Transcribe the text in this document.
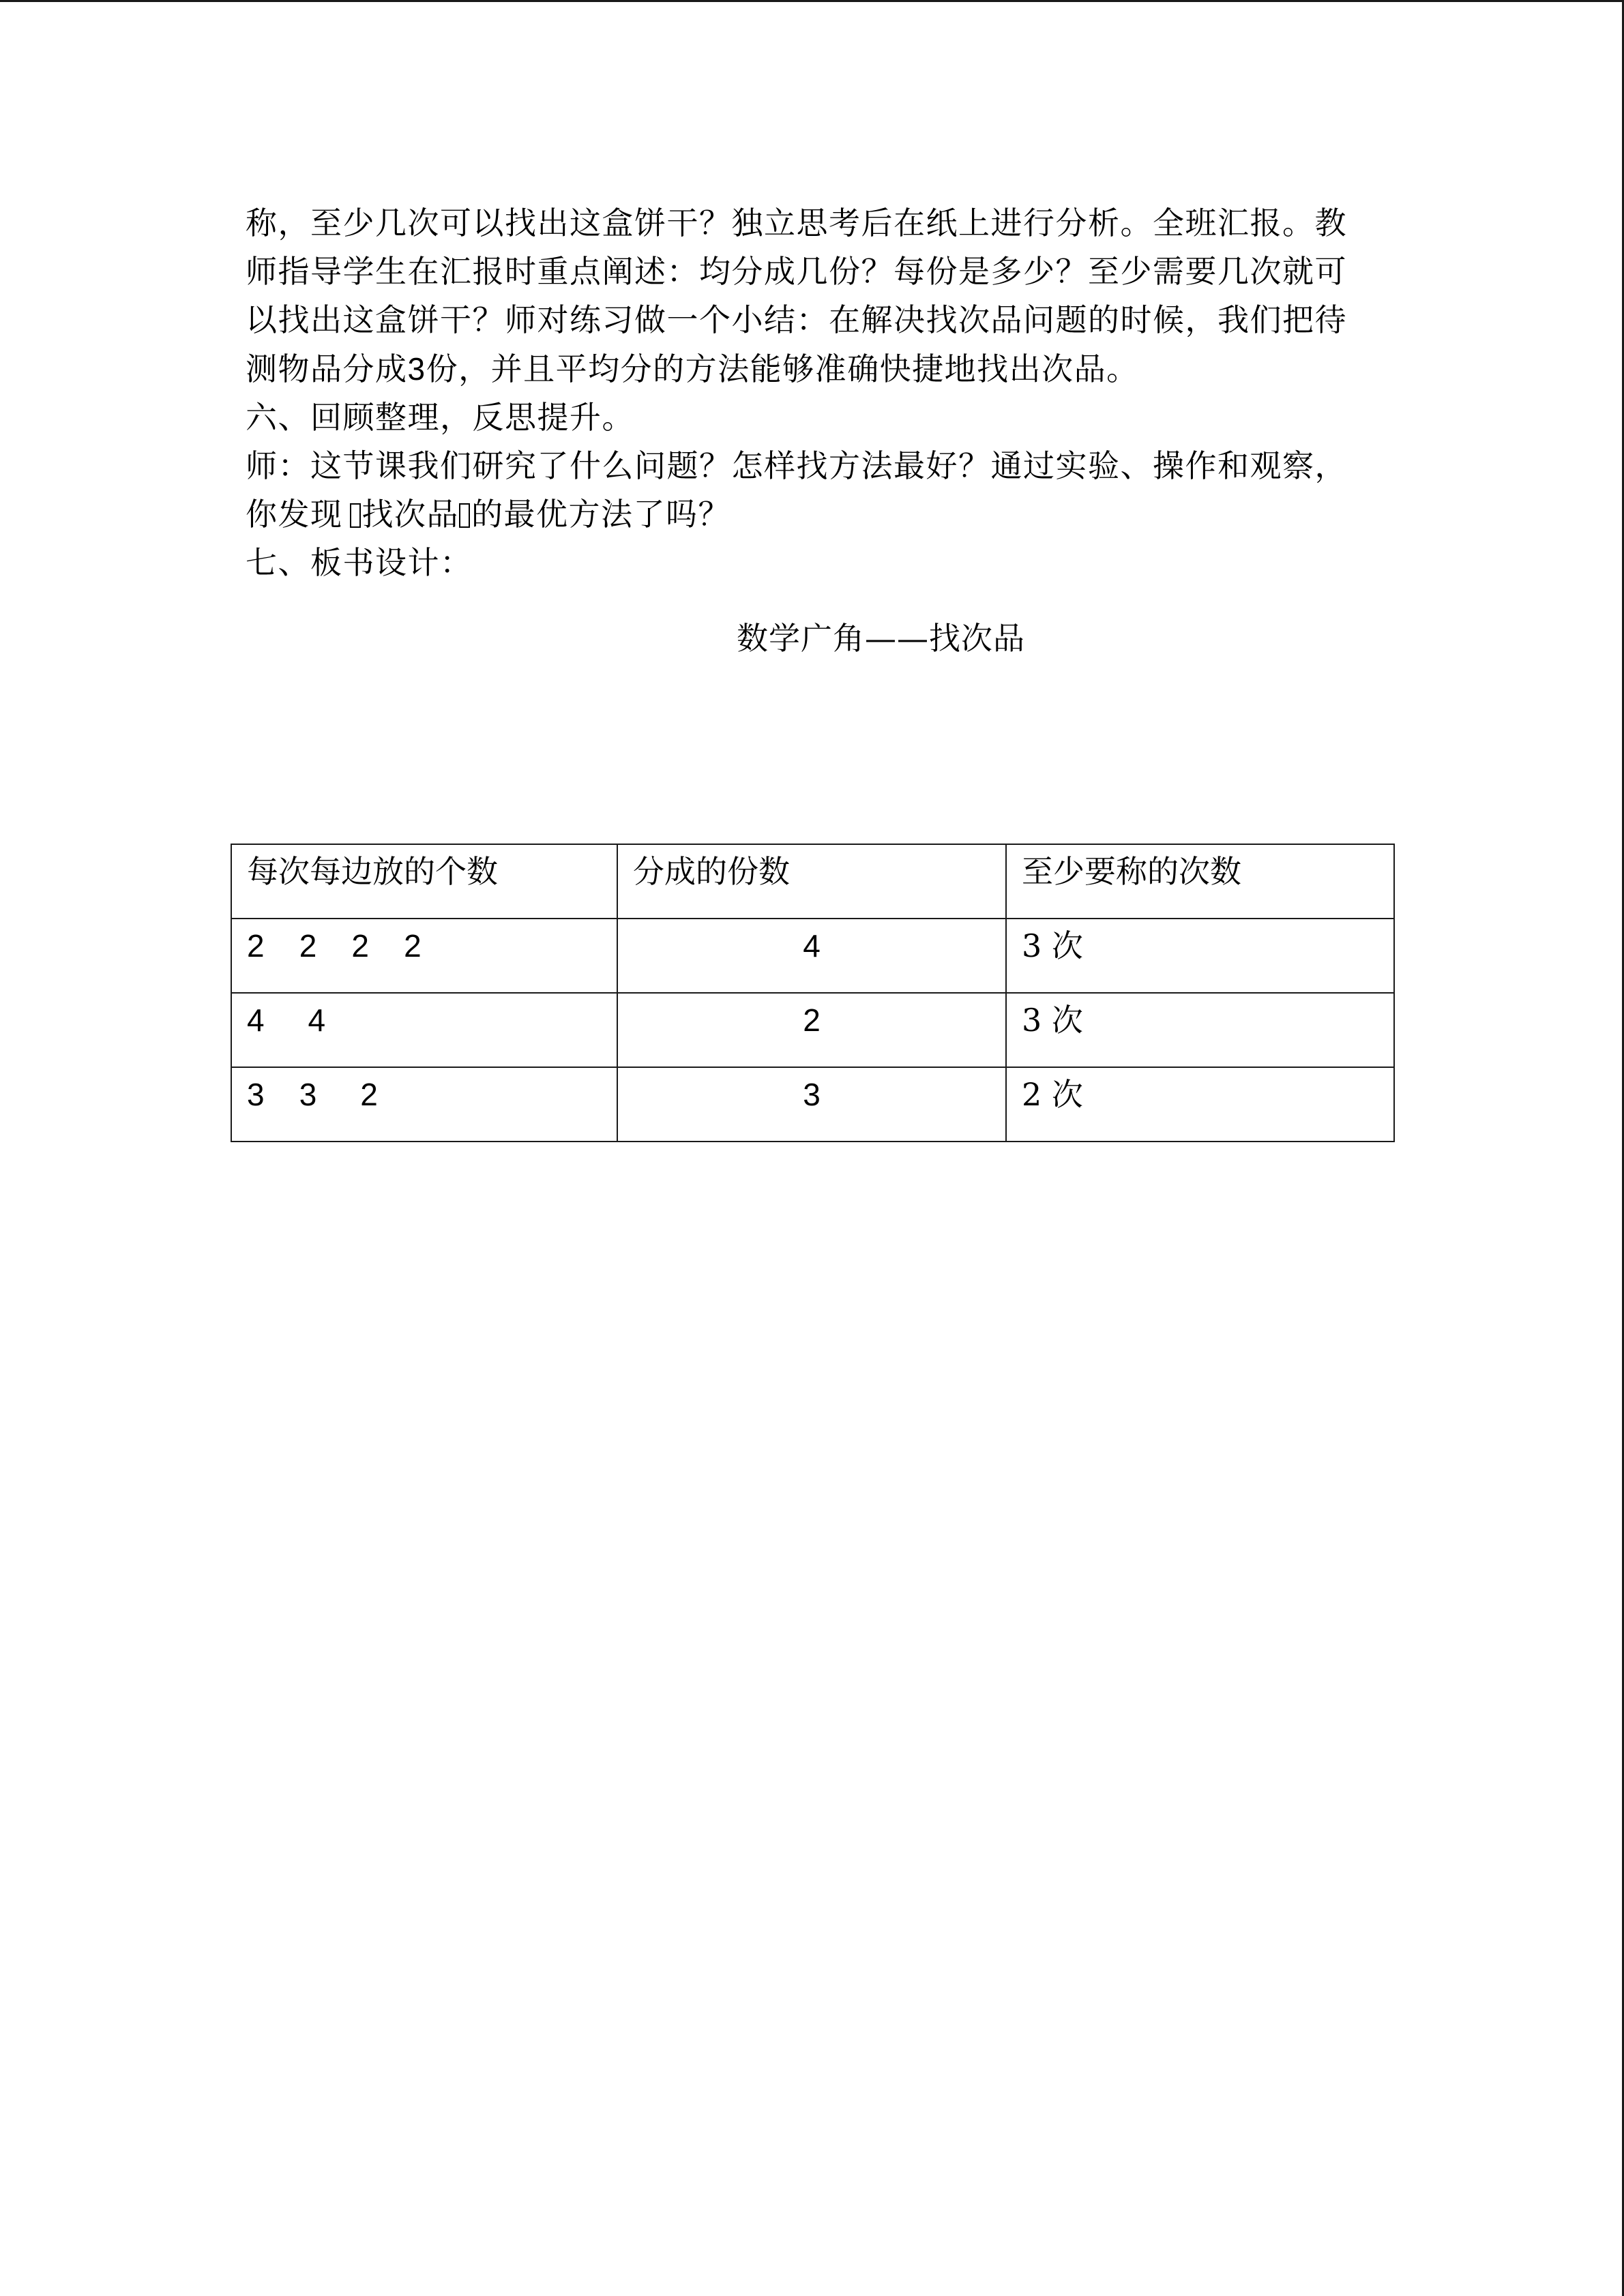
称，至少几次可以找出这盒饼干？独立思考后在纸上进行分析。全班汇报。教
师指导学生在汇报时重点阐述：均分成几份？每份是多少？至少需要几次就可
以找出这盒饼干？师对练习做一个小结：在解决找次品问题的时候，我们把待
测物品分成3份，并且平均分的方法能够准确快捷地找出次品。
六、回顾整理，反思提升。
师：这节课我们研究了什么问题？怎样找方法最好？通过实验、操作和观察，
你发现 找次品 的最优方法了吗？
七、板书设计：
数学广角——找次品
每次每边放的个数	分成的份数	至少要称的次数
2    2    2    2	4	3 次
4     4	2	3 次
3    3     2	3	2 次
